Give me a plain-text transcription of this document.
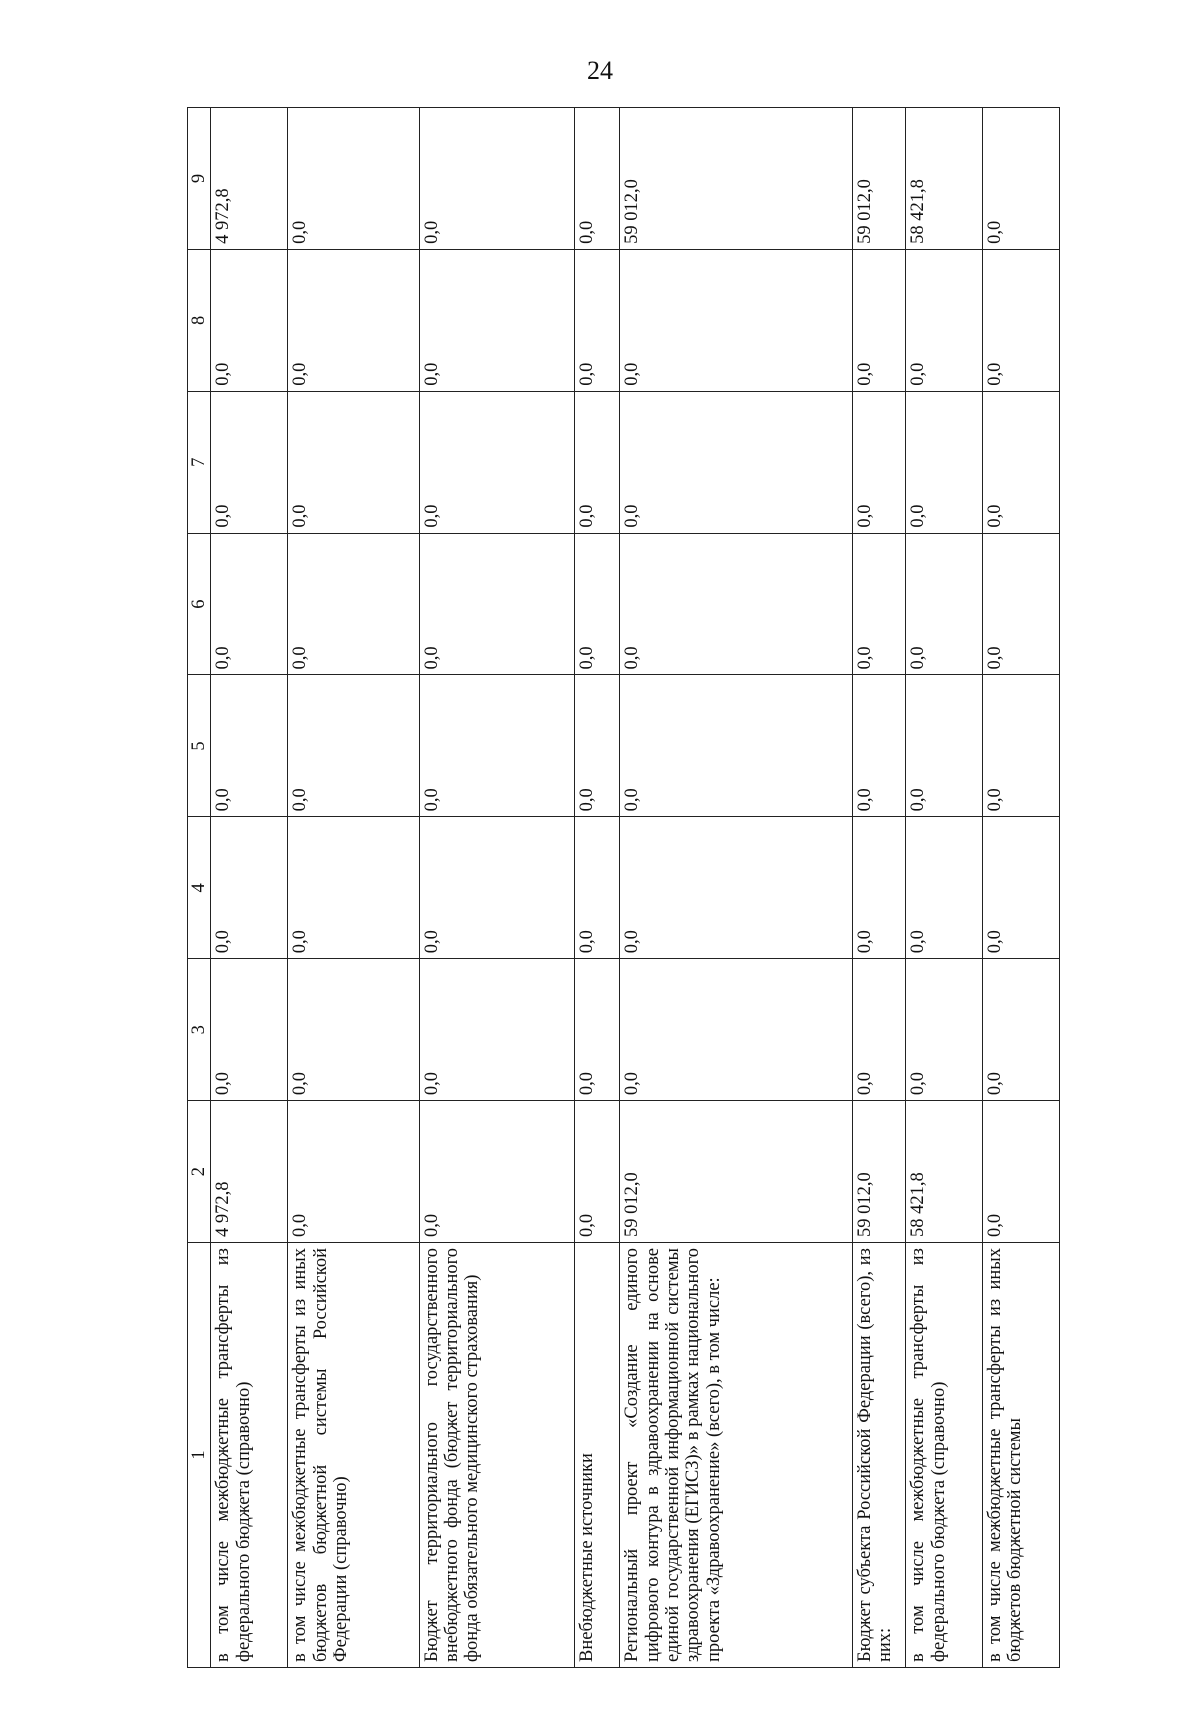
24
1	2	3	4	5	6	7	8	9
в том числе межбюджетные трансферты из федерального бюджета (справочно)	4 972,8	0,0	0,0	0,0	0,0	0,0	0,0	4 972,8
в том числе межбюджетные трансферты из иных бюджетов бюджетной системы Российской Федерации (справочно)	0,0	0,0	0,0	0,0	0,0	0,0	0,0	0,0
Бюджет территориального государственного внебюджетного фонда (бюджет территориального фонда обязательного медицинского страхования)	0,0	0,0	0,0	0,0	0,0	0,0	0,0	0,0
Внебюджетные источники	0,0	0,0	0,0	0,0	0,0	0,0	0,0	0,0
Региональный проект «Создание единого цифрового контура в здравоохранении на основе единой государственной информационной системы здравоохранения (ЕГИСЗ)» в рамках национального проекта «Здравоохранение» (всего), в том числе:	59 012,0	0,0	0,0	0,0	0,0	0,0	0,0	59 012,0
Бюджет субъекта Российской Федерации (всего), из них:	59 012,0	0,0	0,0	0,0	0,0	0,0	0,0	59 012,0
в том числе межбюджетные трансферты из федерального бюджета (справочно)	58 421,8	0,0	0,0	0,0	0,0	0,0	0,0	58 421,8
в том числе межбюджетные трансферты из иных бюджетов бюджетной системы	0,0	0,0	0,0	0,0	0,0	0,0	0,0	0,0
